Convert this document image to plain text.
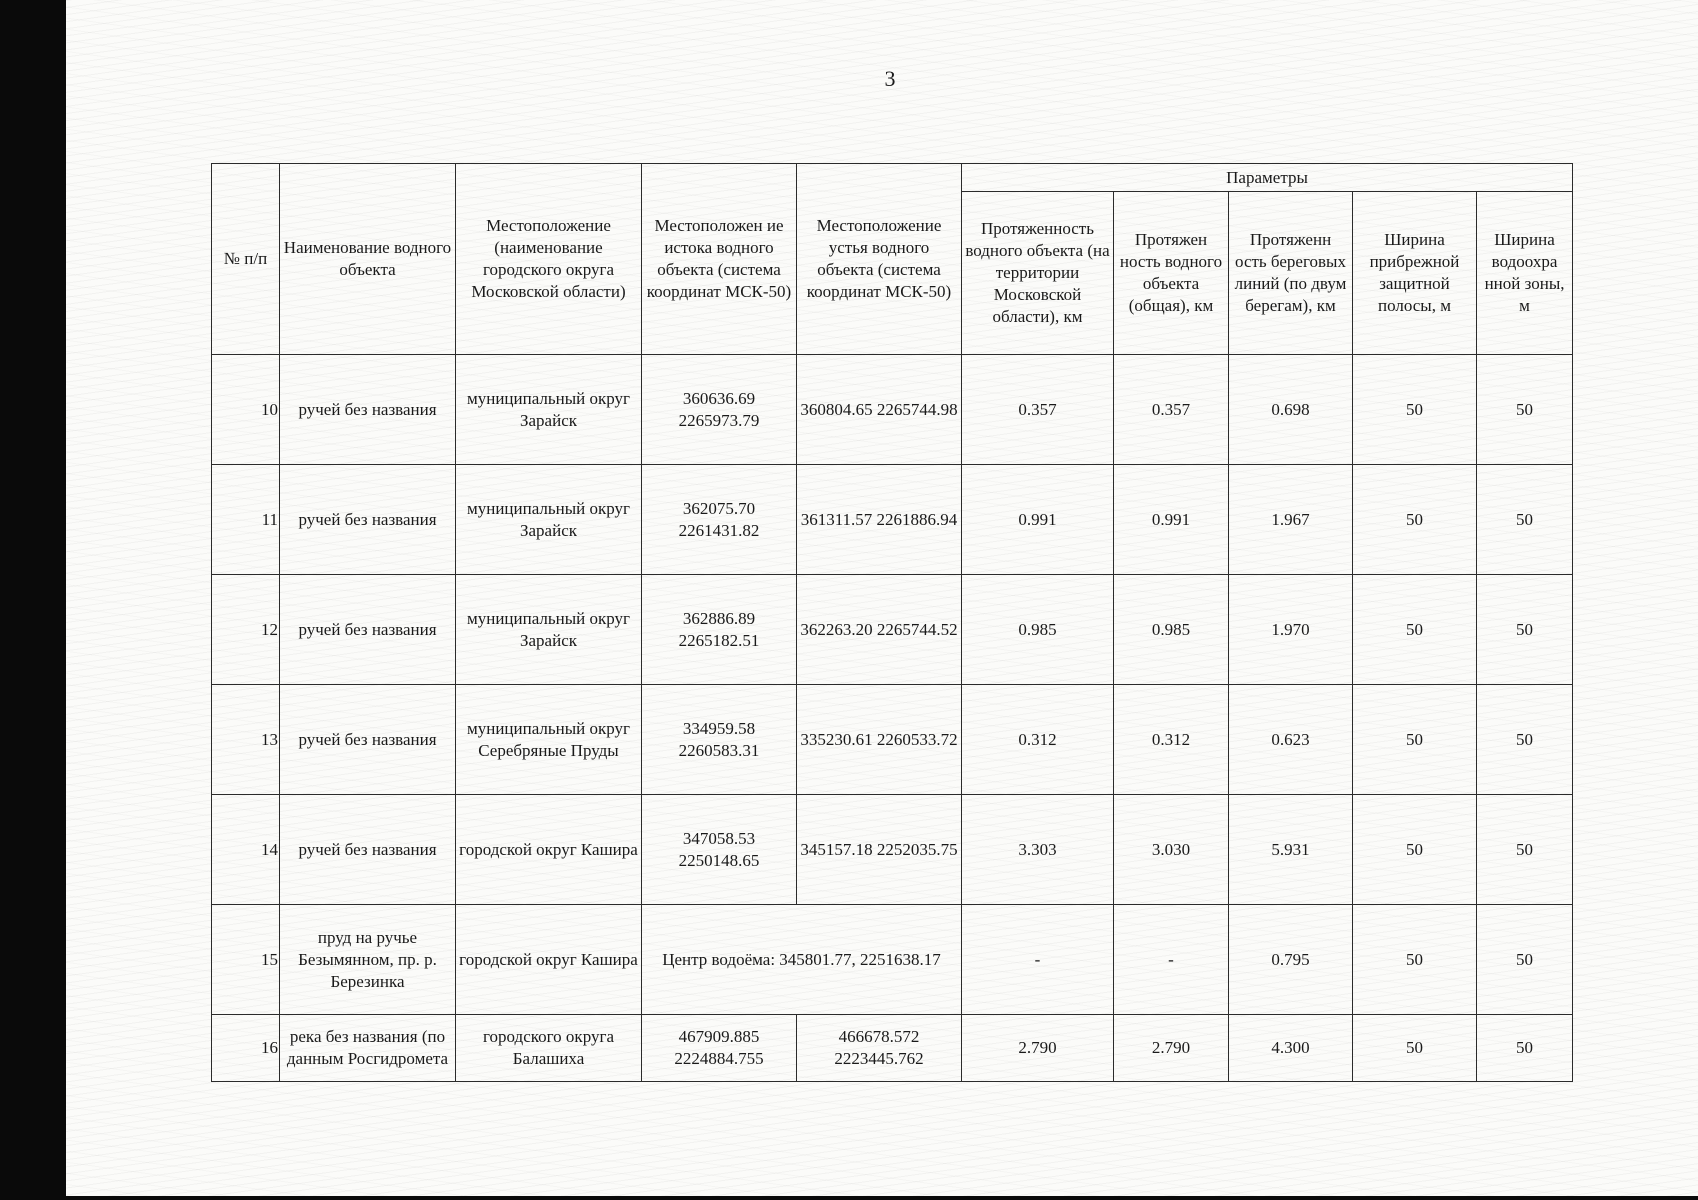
3
№ п/п	Наименование водного объекта	Местоположение (наименование городского округа Московской области)	Местоположен ие истока водного объекта (система координат МСК-50)	Местоположение устья водного объекта (система координат МСК-50)	Параметры				
					Протяженность водного объекта (на территории Московской области), км	Протяжен ность водного объекта (общая), км	Протяженн ость береговых линий (по двум берегам), км	Ширина прибрежной защитной полосы, м	Ширина водоохра нной зоны, м
10	ручей без названия	муниципальный округ Зарайск	360636.69 2265973.79	360804.65 2265744.98	0.357	0.357	0.698	50	50
11	ручей без названия	муниципальный округ Зарайск	362075.70 2261431.82	361311.57 2261886.94	0.991	0.991	1.967	50	50
12	ручей без названия	муниципальный округ Зарайск	362886.89 2265182.51	362263.20 2265744.52	0.985	0.985	1.970	50	50
13	ручей без названия	муниципальный округ Серебряные Пруды	334959.58 2260583.31	335230.61 2260533.72	0.312	0.312	0.623	50	50
14	ручей без названия	городской округ Кашира	347058.53 2250148.65	345157.18 2252035.75	3.303	3.030	5.931	50	50
15	пруд на ручье Безымянном, пр. р. Березинка	городской округ Кашира	Центр водоёма: 345801.77, 2251638.17		-	-	0.795	50	50
16	река без названия (по данным Росгидромета	городского округа Балашиха	467909.885 2224884.755	466678.572 2223445.762	2.790	2.790	4.300	50	50
